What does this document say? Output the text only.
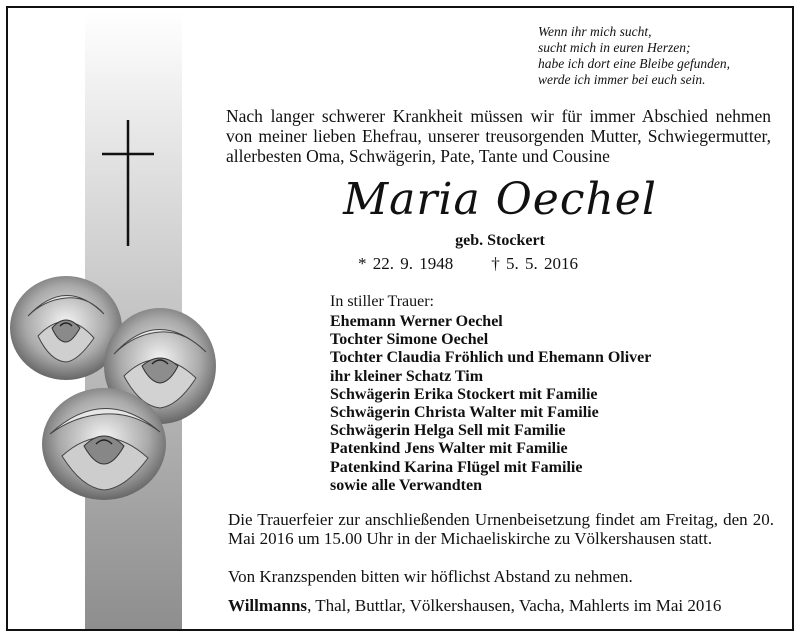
Wenn ihr mich sucht,
sucht mich in euren Herzen;
habe ich dort eine Bleibe gefunden,
werde ich immer bei euch sein.
Nach langer schwerer Krankheit müssen wir für immer Abschied nehmen von meiner lieben Ehefrau, unserer treusorgenden Mutter, Schwiegermutter, allerbesten Oma, Schwägerin, Pate, Tante und Cousine
Maria Oechel
geb. Stockert
* 22. 9. 1948 † 5. 5. 2016
In stiller Trauer:
Ehemann Werner Oechel
Tochter Simone Oechel
Tochter Claudia Fröhlich und Ehemann Oliver
ihr kleiner Schatz Tim
Schwägerin Erika Stockert mit Familie
Schwägerin Christa Walter mit Familie
Schwägerin Helga Sell mit Familie
Patenkind Jens Walter mit Familie
Patenkind Karina Flügel mit Familie
sowie alle Verwandten
Die Trauerfeier zur anschließenden Urnenbeisetzung findet am Freitag, den 20. Mai 2016 um 15.00 Uhr in der Michaeliskirche zu Völkershausen statt.
Von Kranzspenden bitten wir höflichst Abstand zu nehmen.
Willmanns, Thal, Buttlar, Völkershausen, Vacha, Mahlerts im Mai 2016
